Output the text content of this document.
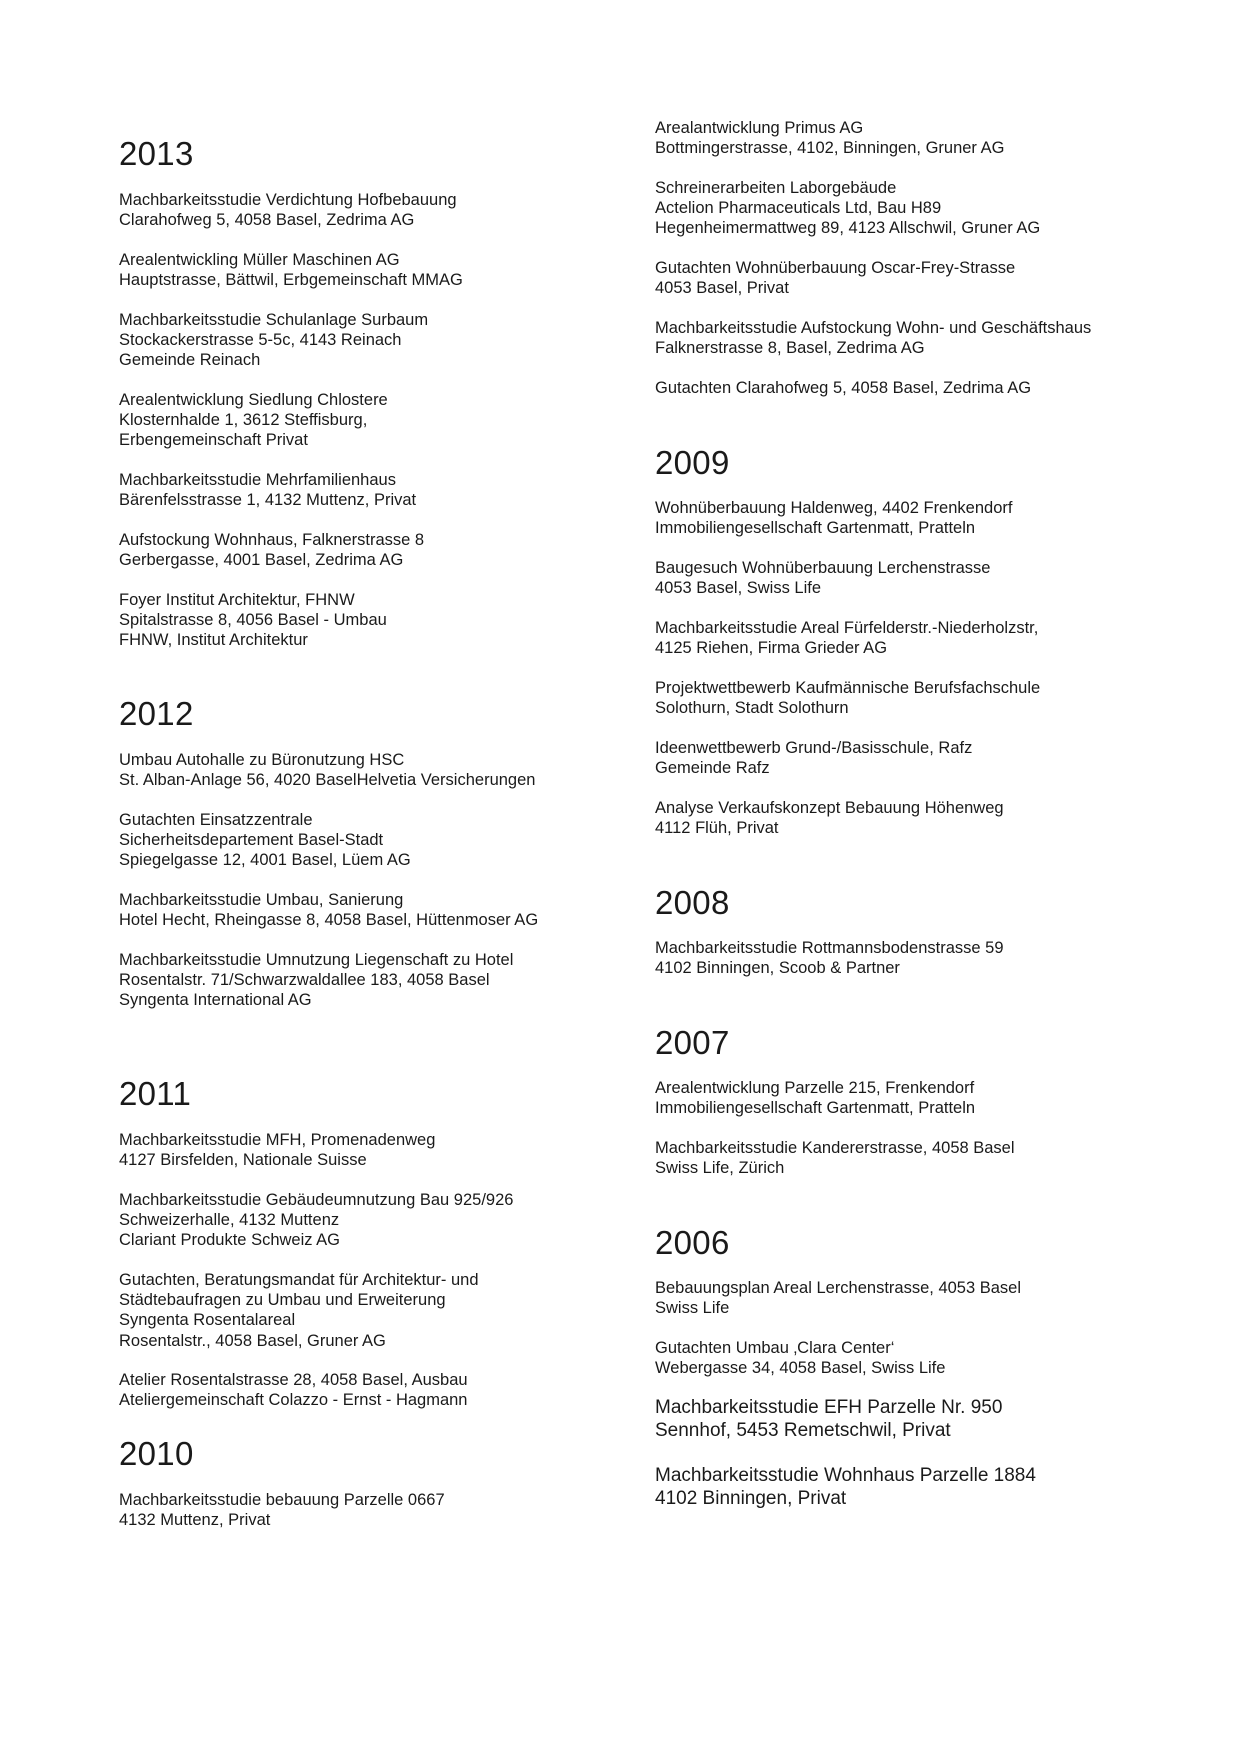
2013
Machbarkeitsstudie Verdichtung Hofbebauung
Clarahofweg 5, 4058 Basel, Zedrima AG
Arealentwickling Müller Maschinen AG
Hauptstrasse, Bättwil, Erbgemeinschaft MMAG
Machbarkeitsstudie Schulanlage Surbaum
Stockackerstrasse 5-5c, 4143 Reinach
Gemeinde Reinach
Arealentwicklung Siedlung Chlostere
Klosternhalde 1, 3612 Steffisburg,
Erbengemeinschaft Privat
Machbarkeitsstudie Mehrfamilienhaus
Bärenfelsstrasse 1, 4132 Muttenz, Privat
Aufstockung Wohnhaus, Falknerstrasse 8
Gerbergasse, 4001 Basel, Zedrima AG
Foyer Institut Architektur, FHNW
Spitalstrasse 8, 4056 Basel - Umbau
FHNW, Institut Architektur
2012
Umbau Autohalle zu Büronutzung HSC
St. Alban-Anlage 56, 4020 BaselHelvetia Versicherungen
Gutachten Einsatzzentrale
Sicherheitsdepartement Basel-Stadt
Spiegelgasse 12, 4001 Basel, Lüem AG
Machbarkeitsstudie Umbau, Sanierung
Hotel Hecht, Rheingasse 8, 4058 Basel, Hüttenmoser AG
Machbarkeitsstudie Umnutzung Liegenschaft zu Hotel
Rosentalstr. 71/Schwarzwaldallee 183, 4058 Basel
Syngenta International AG
2011
Machbarkeitsstudie MFH, Promenadenweg
4127 Birsfelden, Nationale Suisse
Machbarkeitsstudie Gebäudeumnutzung Bau 925/926
Schweizerhalle, 4132 Muttenz
Clariant Produkte Schweiz AG
Gutachten, Beratungsmandat für Architektur- und
Städtebaufragen zu Umbau und Erweiterung
Syngenta Rosentalareal
Rosentalstr., 4058 Basel, Gruner AG
Atelier Rosentalstrasse 28, 4058 Basel, Ausbau
Ateliergemeinschaft Colazzo - Ernst - Hagmann
2010
Machbarkeitsstudie bebauung Parzelle 0667
4132 Muttenz, Privat
Arealantwicklung Primus AG
Bottmingerstrasse, 4102, Binningen, Gruner AG
Schreinerarbeiten Laborgebäude
Actelion Pharmaceuticals Ltd, Bau H89
Hegenheimermattweg 89, 4123 Allschwil, Gruner AG
Gutachten Wohnüberbauung Oscar-Frey-Strasse
4053 Basel, Privat
Machbarkeitsstudie Aufstockung Wohn- und Geschäftshaus
Falknerstrasse 8, Basel, Zedrima AG
Gutachten Clarahofweg 5, 4058 Basel, Zedrima AG
2009
Wohnüberbauung Haldenweg, 4402 Frenkendorf
Immobiliengesellschaft Gartenmatt, Pratteln
Baugesuch Wohnüberbauung Lerchenstrasse
4053 Basel, Swiss Life
Machbarkeitsstudie Areal Fürfelderstr.-Niederholzstr,
4125 Riehen, Firma Grieder AG
Projektwettbewerb Kaufmännische Berufsfachschule
Solothurn, Stadt Solothurn
Ideenwettbewerb Grund-/Basisschule, Rafz
Gemeinde Rafz
Analyse Verkaufskonzept Bebauung Höhenweg
4112 Flüh, Privat
2008
Machbarkeitsstudie Rottmannsbodenstrasse 59
4102 Binningen, Scoob & Partner
2007
Arealentwicklung Parzelle 215, Frenkendorf
Immobiliengesellschaft Gartenmatt, Pratteln
Machbarkeitsstudie Kandererstrasse, 4058 Basel
Swiss Life, Zürich
2006
Bebauungsplan Areal Lerchenstrasse, 4053 Basel
Swiss Life
Gutachten Umbau ‚Clara Center‘
Webergasse 34, 4058 Basel, Swiss Life
Machbarkeitsstudie EFH Parzelle Nr. 950
Sennhof, 5453 Remetschwil, Privat
Machbarkeitsstudie Wohnhaus Parzelle 1884
4102 Binningen, Privat
